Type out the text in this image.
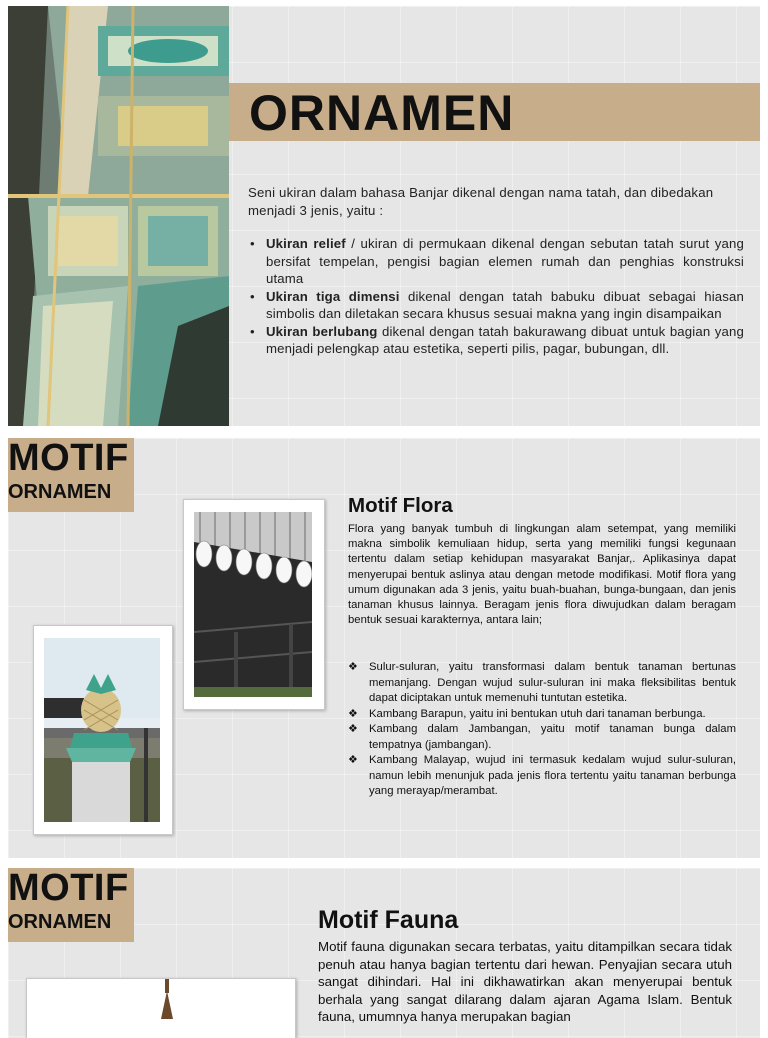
ORNAMEN
Seni ukiran dalam bahasa Banjar dikenal dengan nama tatah, dan dibedakan menjadi 3 jenis, yaitu :
• Ukiran relief / ukiran di permukaan dikenal dengan sebutan tatah surut yang bersifat tempelan, pengisi bagian elemen rumah dan penghias konstruksi utama
• Ukiran tiga dimensi dikenal dengan tatah babuku dibuat sebagai hiasan simbolis dan diletakan secara khusus sesuai makna yang ingin disampaikan
• Ukiran berlubang dikenal dengan tatah bakurawang dibuat untuk bagian yang menjadi pelengkap atau estetika, seperti pilis, pagar, bubungan, dll.
MOTIF
ORNAMEN
Motif Flora
Flora yang banyak tumbuh di lingkungan alam setempat, yang memiliki makna simbolik kemuliaan hidup, serta yang memiliki fungsi kegunaan tertentu dalam setiap kehidupan masyarakat Banjar,. Aplikasinya dapat menyerupai bentuk aslinya atau dengan metode modifikasi. Motif flora yang umum digunakan ada 3 jenis, yaitu buah-buahan, bunga-bungaan, dan jenis tanaman khusus lainnya. Beragam jenis flora diwujudkan dalam beragam bentuk sesuai karakternya, antara lain;
❖ Sulur-suluran, yaitu transformasi dalam bentuk tanaman bertunas memanjang. Dengan wujud sulur-suluran ini maka fleksibilitas bentuk dapat diciptakan untuk memenuhi tuntutan estetika.
❖ Kambang Barapun, yaitu ini bentukan utuh dari tanaman berbunga.
❖ Kambang dalam Jambangan, yaitu motif tanaman bunga dalam tempatnya (jambangan).
❖ Kambang Malayap, wujud ini termasuk kedalam wujud sulur-suluran, namun lebih menunjuk pada jenis flora tertentu yaitu tanaman berbunga yang merayap/merambat.
MOTIF
ORNAMEN	Motif Fauna
Motif fauna digunakan secara terbatas, yaitu ditampilkan secara tidak penuh atau hanya bagian tertentu dari hewan. Penyajian secara utuh sangat dihindari. Hal ini dikhawatirkan akan menyerupai bentuk berhala yang sangat dilarang dalam ajaran Agama Islam. Bentuk fauna, umumnya hanya merupakan bagian
